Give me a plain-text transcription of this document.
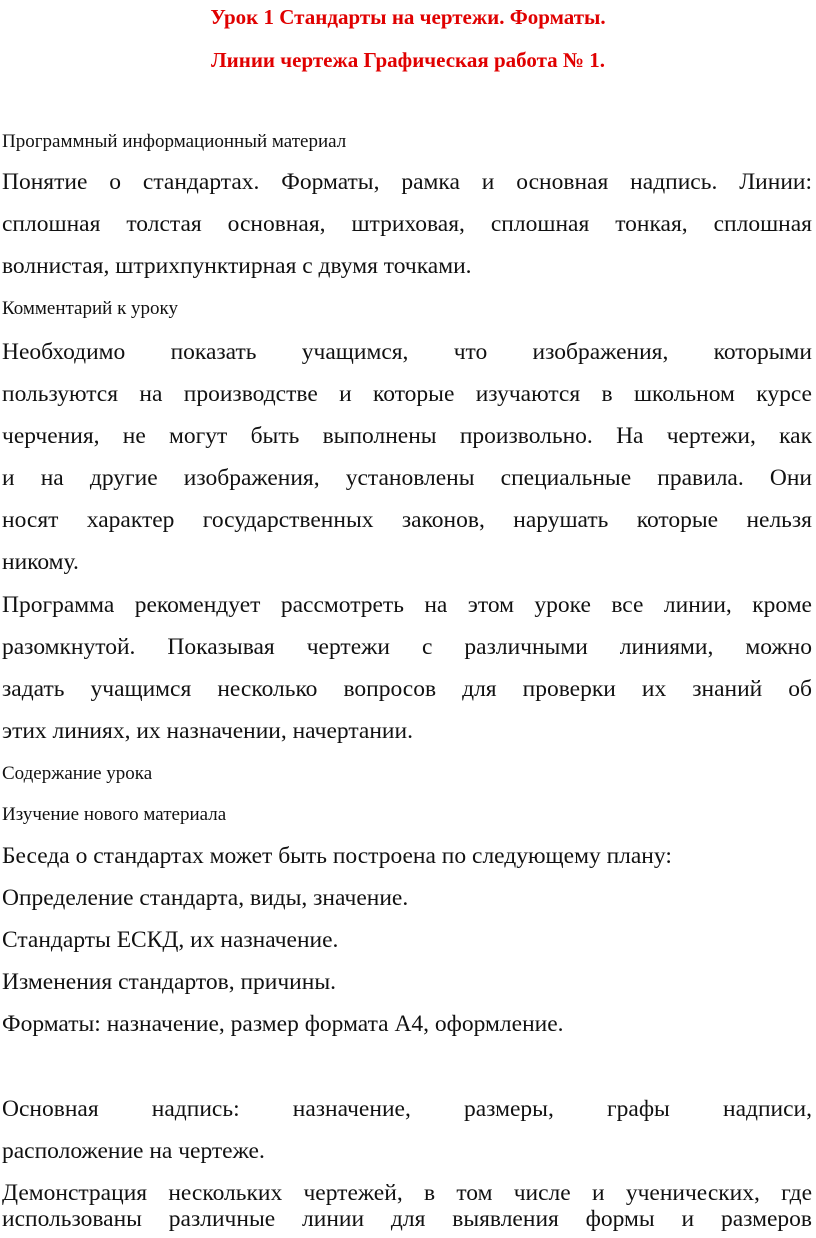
Урок 1 Стандарты на чертежи. Форматы.
Линии чертежа Графическая работа № 1.
Программный информационный материал
Понятие о стандартах. Форматы, рамка и основная надпись. Линии:
сплошная толстая основная, штриховая, сплошная тонкая, сплошная
волнистая, штрихпунктирная с двумя точками.
Комментарий к уроку
Необходимо показать учащимся, что изображения, которыми
пользуются на производстве и которые изучаются в школьном курсе
черчения, не могут быть выполнены произвольно. На чертежи, как
и на другие изображения, установлены специальные правила. Они
носят характер государственных законов, нарушать которые нельзя
никому.
Программа рекомендует рассмотреть на этом уроке все линии, кроме
разомкнутой. Показывая чертежи с различными линиями, можно
задать учащимся несколько вопросов для проверки их знаний об
этих линиях, их назначении, начертании.
Содержание урока
Изучение нового материала
Беседа о стандартах может быть построена по следующему плану:
Определение стандарта, виды, значение.
Стандарты ЕСКД, их назначение.
Изменения стандартов, причины.
Форматы: назначение, размер формата А4, оформление.
Основная надпись: назначение, размеры, графы надписи,
расположение на чертеже.
Демонстрация нескольких чертежей, в том числе и ученических, где
использованы различные линии для выявления формы и размеров
